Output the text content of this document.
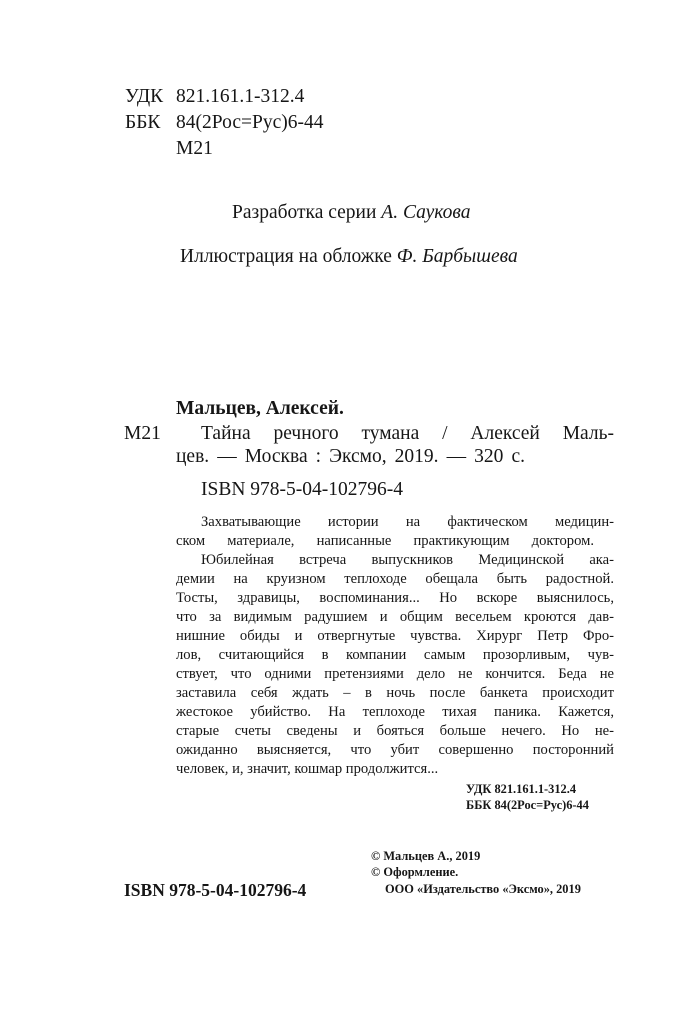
УДК 821.161.1-312.4
ББК 84(2Рос=Рус)6-44
М21
Разработка серии А. Саукова
Иллюстрация на обложке Ф. Барбышева
Мальцев, Алексей.
М21 Тайна речного тумана / Алексей Маль-
цев. — Москва : Эксмо, 2019. — 320 с.
ISBN 978-5-04-102796-4
Захватывающие истории на фактическом медицин-
ском материале, написанные практикующим доктором.
Юбилейная встреча выпускников Медицинской ака-
демии на круизном теплоходе обещала быть радостной.
Тосты, здравицы, воспоминания... Но вскоре выяснилось,
что за видимым радушием и общим весельем кроются дав-
нишние обиды и отвергнутые чувства. Хирург Петр Фро-
лов, считающийся в компании самым прозорливым, чув-
ствует, что одними претензиями дело не кончится. Беда не
заставила себя ждать – в ночь после банкета происходит
жестокое убийство. На теплоходе тихая паника. Кажется,
старые счеты сведены и бояться больше нечего. Но не-
ожиданно выясняется, что убит совершенно посторонний
человек, и, значит, кошмар продолжится...
УДК 821.161.1-312.4
ББК 84(2Рос=Рус)6-44
ISBN 978-5-04-102796-4
© Мальцев А., 2019
© Оформление.
ООО «Издательство «Эксмо», 2019
